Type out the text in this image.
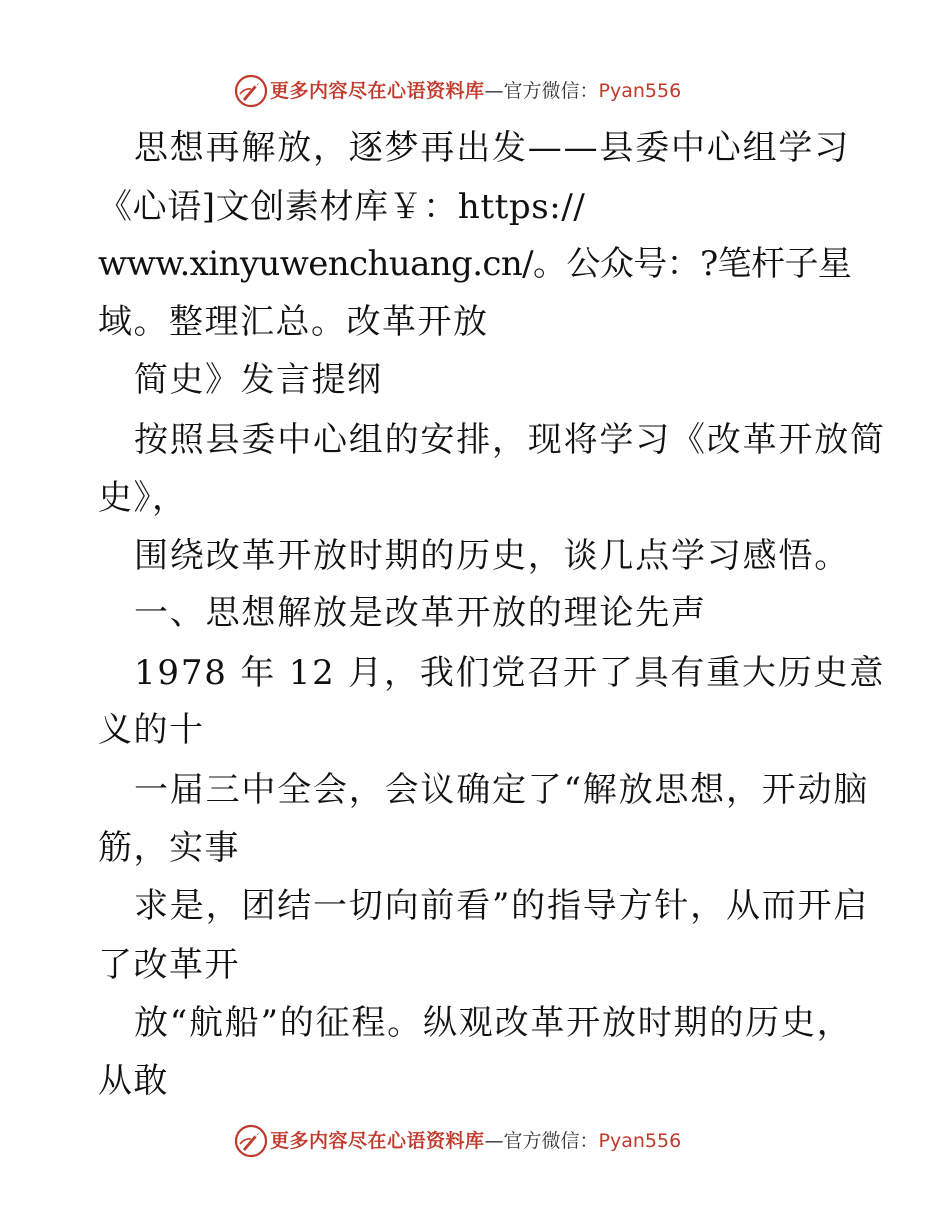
更多内容尽在心语资料库—官方微信：Pyan556
思想再解放，逐梦再出发——县委中心组学习
《心语]文创素材库￥：https://
www.xinyuwenchuang.cn/。公众号：?笔杆子星
域。整理汇总。改革开放
简史》发言提纲
按照县委中心组的安排，现将学习《改革开放简
史》，
围绕改革开放时期的历史，谈几点学习感悟。
一、思想解放是改革开放的理论先声
1978 年 12 月，我们党召开了具有重大历史意
义的十
一届三中全会，会议确定了“解放思想，开动脑
筋，实事
求是，团结一切向前看”的指导方针，从而开启
了改革开
放“航船”的征程。纵观改革开放时期的历史，
从敢
更多内容尽在心语资料库—官方微信：Pyan556
